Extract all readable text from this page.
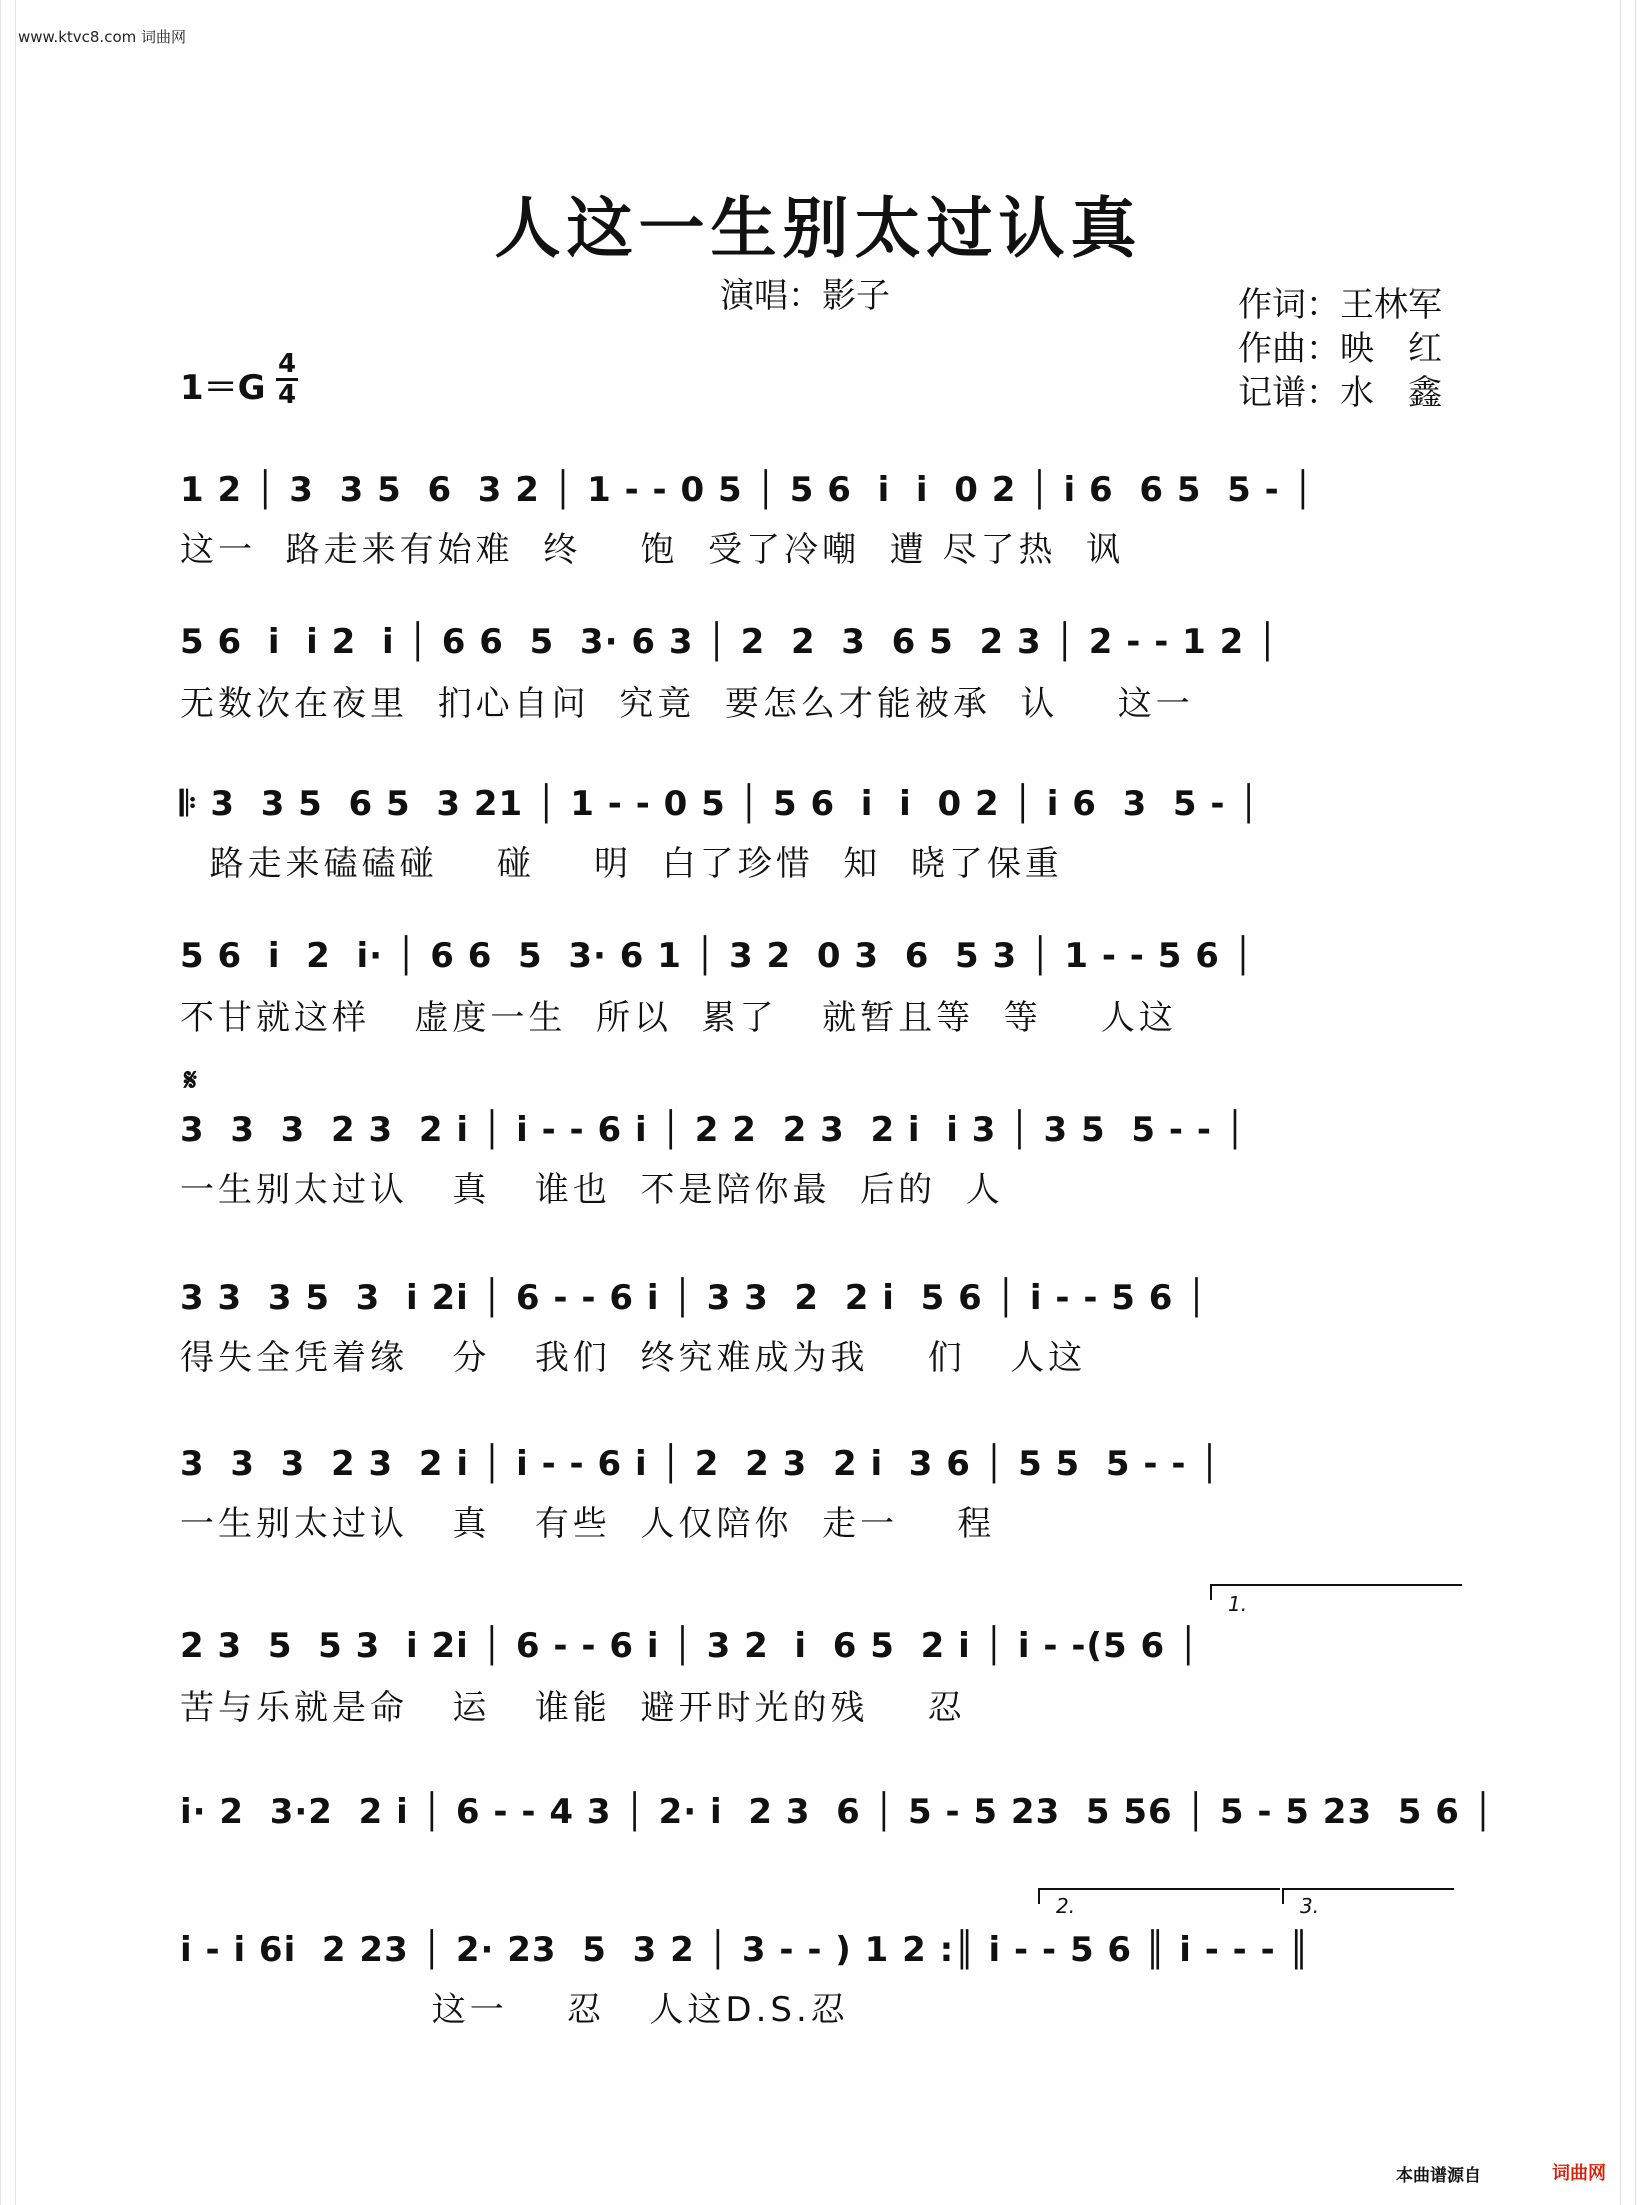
www.ktvc8.com 词曲网
人这一生别太过认真
演唱：影子	作词：王林军
作曲：映　红
记谱：水　鑫
1＝G
4
4
𝄋
1 2 │ 3  3 5  6  3 2 │ 1 - - 0 5 │ 5 6  i  i  0 2 │ i 6  6 5  5 - │
这一  路走来有始难  终    饱  受了冷嘲  遭 尽了热  讽
5 6  i  i 2  i │ 6 6  5  3· 6 3 │ 2  2  3  6 5  2 3 │ 2 - - 1 2 │
无数次在夜里  扪心自问  究竟  要怎么才能被承  认    这一
𝄆 3  3 5  6 5  3 21 │ 1 - - 0 5 │ 5 6  i  i  0 2 │ i 6  3  5 - │
路走来磕磕碰    碰    明  白了珍惜  知  晓了保重
5 6  i  2  i· │ 6 6  5  3· 6 1 │ 3 2  0 3  6  5 3 │ 1 - - 5 6 │
不甘就这样   虚度一生  所以  累了   就暂且等  等    人这
3  3  3  2 3  2 i │ i - - 6 i │ 2 2  2 3  2 i  i 3 │ 3 5  5 - - │
一生别太过认   真   谁也  不是陪你最  后的  人
3 3  3 5  3  i 2i │ 6 - - 6 i │ 3 3  2  2 i  5 6 │ i - - 5 6 │
得失全凭着缘   分   我们  终究难成为我    们   人这
3  3  3  2 3  2 i │ i - - 6 i │ 2  2 3  2 i  3 6 │ 5 5  5 - - │
一生别太过认   真   有些  人仅陪你  走一    程
2 3  5  5 3  i 2i │ 6 - - 6 i │ 3 2  i  6 5  2 i │ i - -(5 6 │
苦与乐就是命   运   谁能  避开时光的残    忍
i· 2  3·2  2 i │ 6 - - 4 3 │ 2· i  2 3  6 │ 5 - 5 23  5 56 │ 5 - 5 23  5 6 │
i - i 6i  2 23 │ 2· 23  5  3 2 │ 3 - - ) 1 2 :║ i - - 5 6 ║ i - - - ║
这一    忍   人这D.S.忍
1.
2.	3.
本曲谱源自	词曲网
